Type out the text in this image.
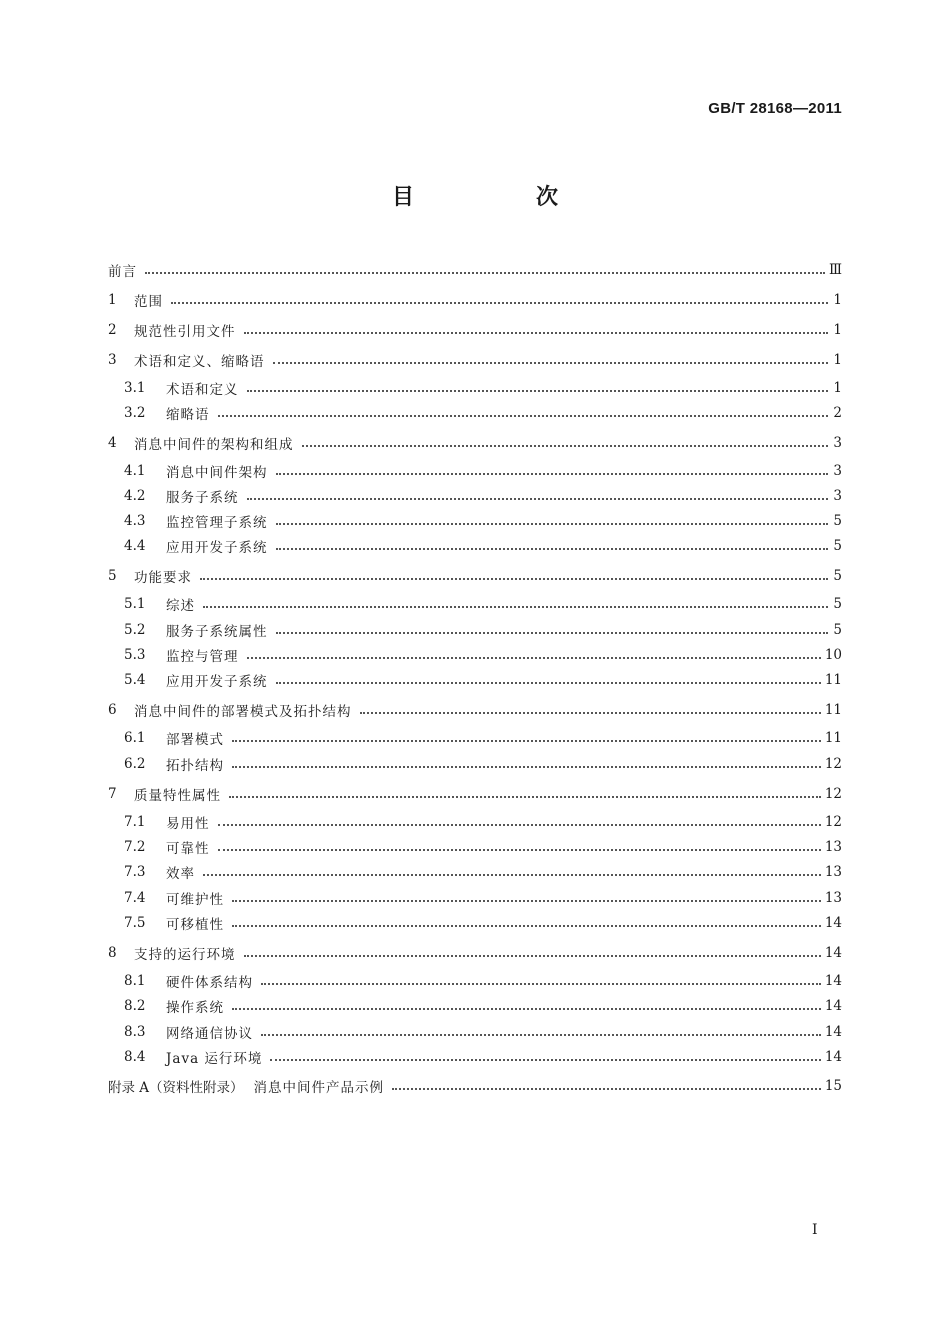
GB/T 28168—2011
目　次
前言	Ⅲ
1	范围	1
2	规范性引用文件	1
3	术语和定义、缩略语	1
3.1	术语和定义	1
3.2	缩略语	2
4	消息中间件的架构和组成	3
4.1	消息中间件架构	3
4.2	服务子系统	3
4.3	监控管理子系统	5
4.4	应用开发子系统	5
5	功能要求	5
5.1	综述	5
5.2	服务子系统属性	5
5.3	监控与管理	10
5.4	应用开发子系统	11
6	消息中间件的部署模式及拓扑结构	11
6.1	部署模式	11
6.2	拓扑结构	12
7	质量特性属性	12
7.1	易用性	12
7.2	可靠性	13
7.3	效率	13
7.4	可维护性	13
7.5	可移植性	14
8	支持的运行环境	14
8.1	硬件体系结构	14
8.2	操作系统	14
8.3	网络通信协议	14
8.4	Java 运行环境	14
附录 A（资料性附录） 消息中间件产品示例	15
Ⅰ
